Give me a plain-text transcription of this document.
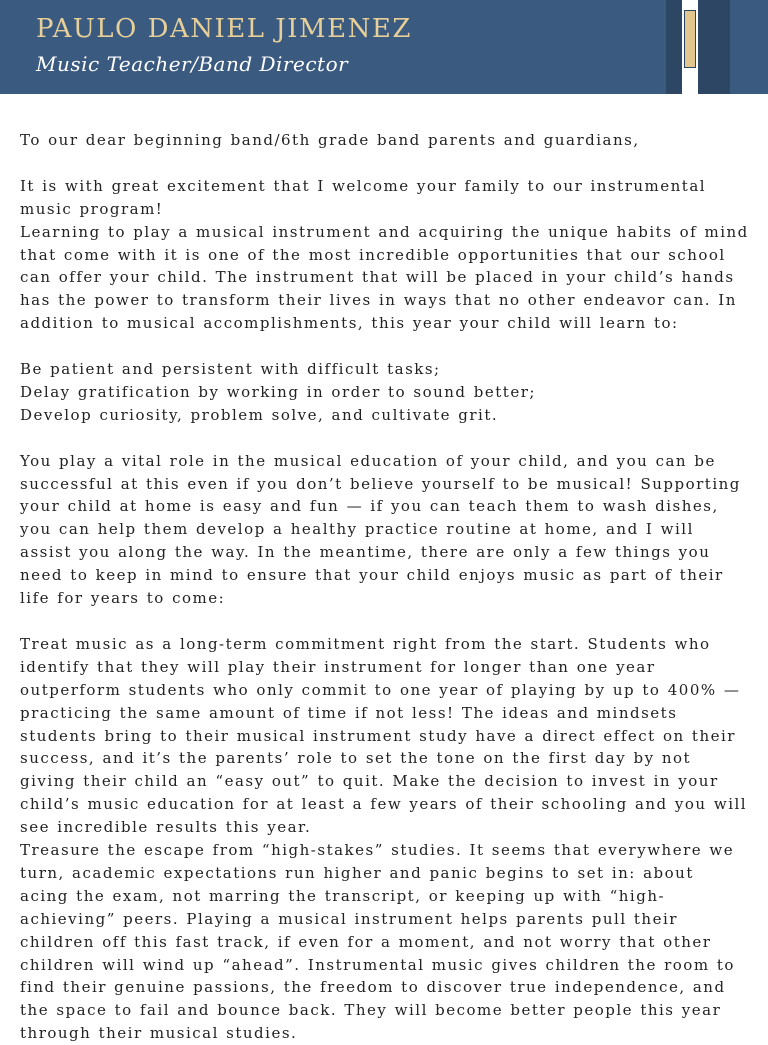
PAULO DANIEL JIMENEZ
Music Teacher/Band Director

To our dear beginning band/6th grade band parents and guardians,

It is with great excitement that I welcome your family to our instrumental music program!

Learning to play a musical instrument and acquiring the unique habits of mind that come with it is one of the most incredible opportunities that our school can offer your child. The instrument that will be placed in your child’s hands has the power to transform their lives in ways that no other endeavor can. In addition to musical accomplishments, this year your child will learn to:

Be patient and persistent with difficult tasks;

Delay gratification by working in order to sound better;

Develop curiosity, problem solve, and cultivate grit.

You play a vital role in the musical education of your child, and you can be successful at this even if you don’t believe yourself to be musical! Supporting your child at home is easy and fun — if you can teach them to wash dishes, you can help them develop a healthy practice routine at home, and I will assist you along the way. In the meantime, there are only a few things you need to keep in mind to ensure that your child enjoys music as part of their life for years to come:

Treat music as a long-term commitment right from the start. Students who identify that they will play their instrument for longer than one year outperform students who only commit to one year of playing by up to 400% — practicing the same amount of time if not less! The ideas and mindsets students bring to their musical instrument study have a direct effect on their success, and it’s the parents’ role to set the tone on the first day by not giving their child an “easy out” to quit. Make the decision to invest in your child’s music education for at least a few years of their schooling and you will see incredible results this year.

Treasure the escape from “high-stakes” studies. It seems that everywhere we turn, academic expectations run higher and panic begins to set in: about acing the exam, not marring the transcript, or keeping up with “high-achieving” peers. Playing a musical instrument helps parents pull their children off this fast track, if even for a moment, and not worry that other children will wind up “ahead”. Instrumental music gives children the room to find their genuine passions, the freedom to discover true independence, and the space to fail and bounce back. They will become better people this year through their musical studies.
